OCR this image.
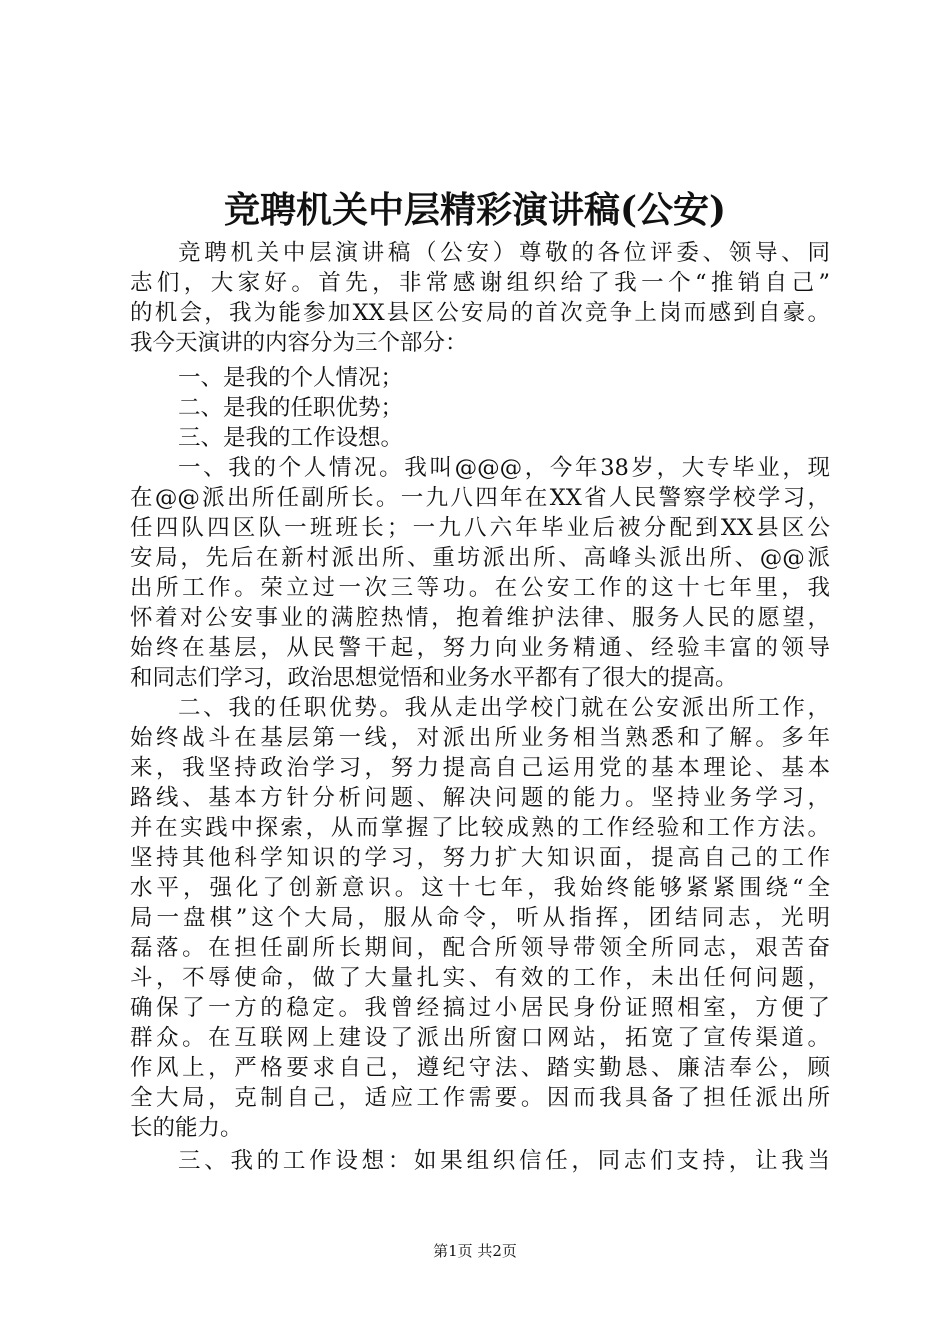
竞聘机关中层精彩演讲稿(公安)
竞聘机关中层演讲稿（公安）尊敬的各位评委、领导、同
志们，大家好。首先，非常感谢组织给了我一个“推销自己”
的机会，我为能参加XX县区公安局的首次竞争上岗而感到自豪。
我今天演讲的内容分为三个部分：
一、是我的个人情况；
二、是我的任职优势；
三、是我的工作设想。
一、我的个人情况。我叫@@@，今年38岁，大专毕业，现
在@@派出所任副所长。一九八四年在XX省人民警察学校学习，
任四队四区队一班班长；一九八六年毕业后被分配到XX县区公
安局，先后在新村派出所、重坊派出所、高峰头派出所、@@派
出所工作。荣立过一次三等功。在公安工作的这十七年里，我
怀着对公安事业的满腔热情，抱着维护法律、服务人民的愿望，
始终在基层，从民警干起，努力向业务精通、经验丰富的领导
和同志们学习，政治思想觉悟和业务水平都有了很大的提高。
二、我的任职优势。我从走出学校门就在公安派出所工作，
始终战斗在基层第一线，对派出所业务相当熟悉和了解。多年
来，我坚持政治学习，努力提高自己运用党的基本理论、基本
路线、基本方针分析问题、解决问题的能力。坚持业务学习，
并在实践中探索，从而掌握了比较成熟的工作经验和工作方法。
坚持其他科学知识的学习，努力扩大知识面，提高自己的工作
水平，强化了创新意识。这十七年，我始终能够紧紧围绕“全
局一盘棋”这个大局，服从命令，听从指挥，团结同志，光明
磊落。在担任副所长期间，配合所领导带领全所同志，艰苦奋
斗，不辱使命，做了大量扎实、有效的工作，未出任何问题，
确保了一方的稳定。我曾经搞过小居民身份证照相室，方便了
群众。在互联网上建设了派出所窗口网站，拓宽了宣传渠道。
作风上，严格要求自己，遵纪守法、踏实勤恳、廉洁奉公，顾
全大局，克制自己，适应工作需要。因而我具备了担任派出所
长的能力。
三、我的工作设想：如果组织信任，同志们支持，让我当
第1页 共2页
